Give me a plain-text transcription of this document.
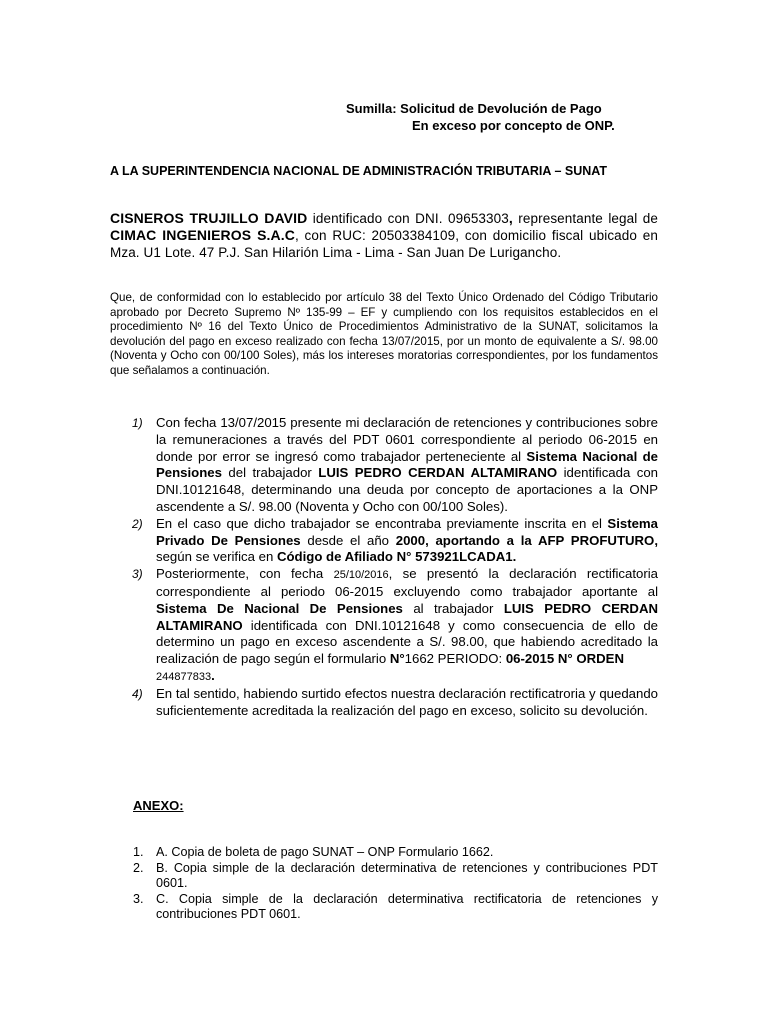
Sumilla: Solicitud de Devolución de Pago
En exceso por concepto de ONP.
A LA SUPERINTENDENCIA NACIONAL DE ADMINISTRACIÓN TRIBUTARIA – SUNAT
CISNEROS TRUJILLO DAVID identificado con DNI. 09653303, representante legal de CIMAC INGENIEROS S.A.C, con RUC: 20503384109, con domicilio fiscal ubicado en Mza. U1 Lote. 47 P.J. San Hilarión Lima - Lima - San Juan De Lurigancho.
Que, de conformidad con lo establecido por artículo 38 del Texto Único Ordenado del Código Tributario aprobado por Decreto Supremo Nº 135-99 – EF y cumpliendo con los requisitos establecidos en el procedimiento Nº 16 del Texto Único de Procedimientos Administrativo de la SUNAT, solicitamos la devolución del pago en exceso realizado con fecha 13/07/2015, por un monto de equivalente a S/. 98.00 (Noventa y Ocho con 00/100 Soles), más los intereses moratorias correspondientes, por los fundamentos que señalamos a continuación.
1) Con fecha 13/07/2015 presente mi declaración de retenciones y contribuciones sobre la remuneraciones a través del PDT 0601 correspondiente al periodo 06-2015 en donde por error se ingresó como trabajador perteneciente al Sistema Nacional de Pensiones del trabajador LUIS PEDRO CERDAN ALTAMIRANO identificada con DNI.10121648, determinando una deuda por concepto de aportaciones a la ONP ascendente a S/. 98.00 (Noventa y Ocho con 00/100 Soles).
2) En el caso que dicho trabajador se encontraba previamente inscrita en el Sistema Privado De Pensiones desde el año 2000, aportando a la AFP PROFUTURO, según se verifica en Código de Afiliado N° 573921LCADA1.
3) Posteriormente, con fecha 25/10/2016, se presentó la declaración rectificatoria correspondiente al periodo 06-2015 excluyendo como trabajador aportante al Sistema De Nacional De Pensiones al trabajador LUIS PEDRO CERDAN ALTAMIRANO identificada con DNI.10121648 y como consecuencia de ello de determino un pago en exceso ascendente a S/. 98.00, que habiendo acreditado la realización de pago según el formulario N°1662 PERIODO: 06-2015 N° ORDEN
244877833.
4) En tal sentido, habiendo surtido efectos nuestra declaración rectificatroria y quedando suficientemente acreditada la realización del pago en exceso, solicito su devolución.
ANEXO:
1. A. Copia de boleta de pago SUNAT – ONP Formulario 1662.
2. B. Copia simple de la declaración determinativa de retenciones y contribuciones PDT 0601.
3. C. Copia simple de la declaración determinativa rectificatoria de retenciones y contribuciones PDT 0601.
